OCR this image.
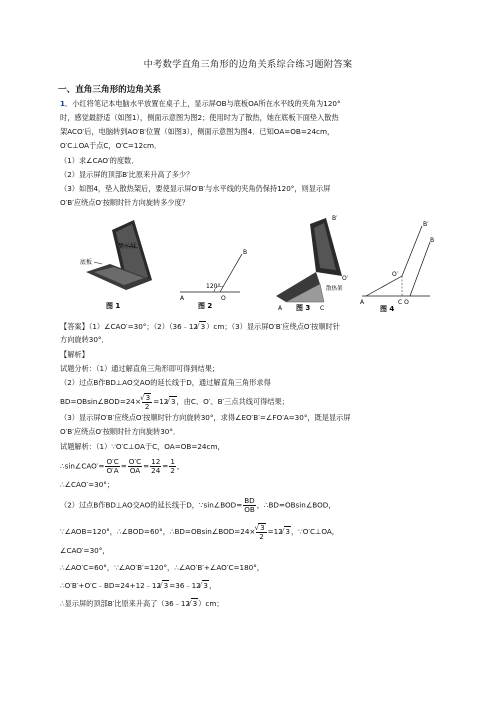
中考数学直角三角形的边角关系综合练习题附答案
一、直角三角形的边角关系
1．小红将笔记本电脑水平放置在桌子上，显示屏OB与底板OA所在水平线的夹角为120°
时，感觉最舒适（如图1），侧面示意图为图2；使用时为了散热，她在底板下面垫入散热
架ACO′后，电脑转到AO′B′位置（如图3），侧面示意图为图4．已知OA=OB=24cm，
O′C⊥OA于点C，O′C=12cm．
（1）求∠CAO′的度数．
（2）显示屏的顶部B′比原来升高了多少？
（3）如图4，垫入散热架后，要使显示屏O′B′与水平线的夹角仍保持120°，则显示屏
O′B′应绕点O′按顺时针方向旋转多少度？
显示屏
底板
图 1
120°
B
O
A
图 2
B′
O′
C
A
散热架
图 3
B′
B
O′
C O
A
图 4
【答案】（1）∠CAO′=30°；（2）（36﹣12√ 3）cm；（3）显示屏O′B′应绕点O′按顺时针
方向旋转30°．
【解析】
试题分析：（1）通过解直角三角形即可得到结果；
（2）过点B作BD⊥AO交AO的延长线于D，通过解直角三角形求得
BD=OBsin∠BOD=24×
√ $\frac{3}{2} =12√$ 3，由C、O′、B′三点共线可得结果；
（3）显示屏O′B′应绕点O′按顺时针方向旋转30°，求得∠EO′B′=∠FO′A=30°，既是显示屏
O′B′应绕点O′按顺时针方向旋转30°．
试题解析：（1）∵O′C⊥OA于C，OA=OB=24cm，
∴sin∠CAO′= $\frac{O'C}{O'A} = \frac{O'C}{OA} = \frac{12}{24} = \frac{1}{2}$ ，
∴∠CAO′=30°；
（2）过点B作BD⊥AO交AO的延长线于D，∵sin∠BOD= $\frac{BD}{OB}$ ，∴BD=OBsin∠BOD，
∵∠AOB=120°，∴∠BOD=60°，∴BD=OBsin∠BOD=24×
√ $\frac{3}{2} =12√$ 3，∵O′C⊥OA，
∠CAO′=30°，
∴∠AO′C=60°，∵∠AO′B′=120°，∴∠AO′B′+∠AO′C=180°，
∴O′B′+O′C﹣BD=24+12﹣12√ 3=36﹣12√ 3，
∴显示屏的顶部B′比原来升高了（36﹣12√ 3）cm；
